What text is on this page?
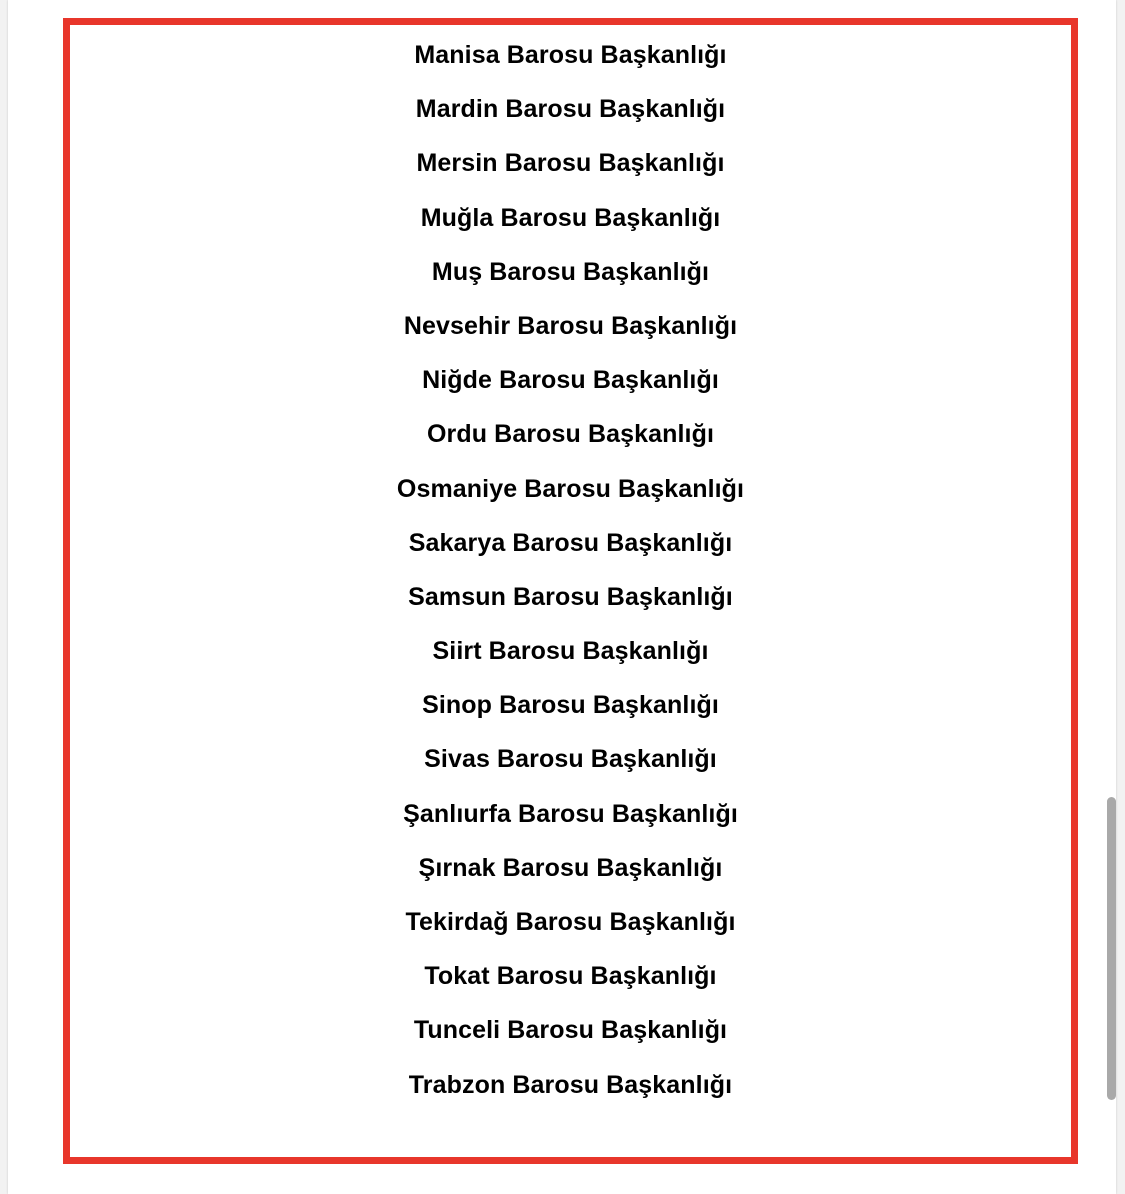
Manisa Barosu Başkanlığı
Mardin Barosu Başkanlığı
Mersin Barosu Başkanlığı
Muğla Barosu Başkanlığı
Muş Barosu Başkanlığı
Nevsehir Barosu Başkanlığı
Niğde Barosu Başkanlığı
Ordu Barosu Başkanlığı
Osmaniye Barosu Başkanlığı
Sakarya Barosu Başkanlığı
Samsun Barosu Başkanlığı
Siirt Barosu Başkanlığı
Sinop Barosu Başkanlığı
Sivas Barosu Başkanlığı
Şanlıurfa Barosu Başkanlığı
Şırnak Barosu Başkanlığı
Tekirdağ Barosu Başkanlığı
Tokat Barosu Başkanlığı
Tunceli Barosu Başkanlığı
Trabzon Barosu Başkanlığı
